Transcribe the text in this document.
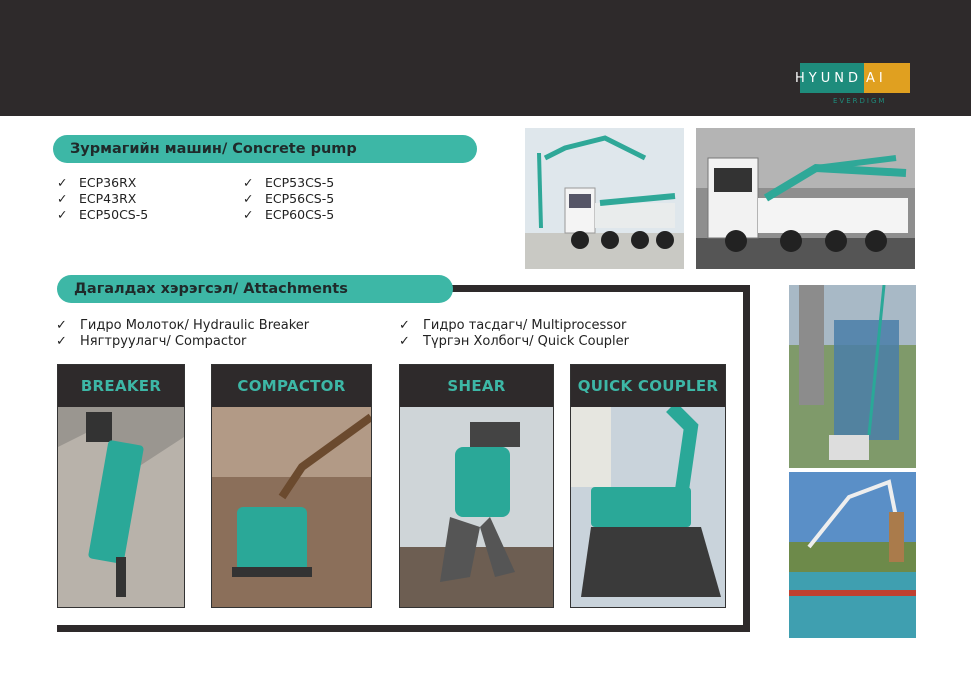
HYUND AI
EVERDIGM
Зурмагийн машин/ Concrete pump
✓ ECP36RX
✓ ECP43RX
✓ ECP50CS-5
✓ ECP53CS-5
✓ ECP56CS-5
✓ ECP60CS-5
Дагалдах хэрэгсэл/ Attachments
✓	Гидро Молоток/ Hydraulic Breaker
✓	Нягтруулагч/ Compactor
✓	Гидро тасдагч/ Multiprocessor
✓	Түргэн Холбогч/ Quick Coupler
BREAKER	COMPACTOR	SHEAR	QUICK COUPLER
